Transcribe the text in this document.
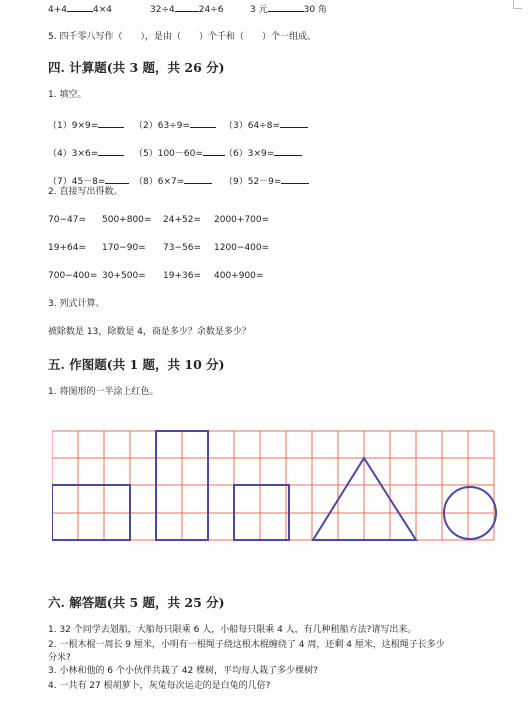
4+4	4×4	32÷4	24÷6	3 元	30 角
5. 四千零八写作（　　），是由（　　）个千和（　　）个一组成。
四. 计算题(共 3 题，共 26 分)
1. 填空。
（1）9×9=	（2）63÷9=	（3）64÷8=
（4）3×6=	（5）100－60=	（6）3×9=
（7）45－8=	（8）6×7=	（9）52－9=
2. 直接写出得数。
70−47= 500+800= 24+52= 2000+700=
19+64= 170−90= 73−56= 1200−400=
700−400= 30+500= 19+36= 400+900=
3. 列式计算。
被除数是 13，除数是 4，商是多少？余数是多少？
五. 作图题(共 1 题，共 10 分)
1. 将图形的一半涂上红色。
六. 解答题(共 5 题，共 25 分)
1. 32 个同学去划船，大船每只限乘 6 人，小船每只限乘 4 人，有几种租船方法?请写出来。
2. 一根木棍一周长 9 厘米，小明有一根绳子绕这根木棍缠绕了 4 周，还剩 4 厘米，这根绳子长多少
分米?
3. 小林和他的 6 个小伙伴共栽了 42 棵树，平均每人栽了多少棵树?
4. 一共有 27 根胡萝卜，灰兔每次运走的是白兔的几倍?
